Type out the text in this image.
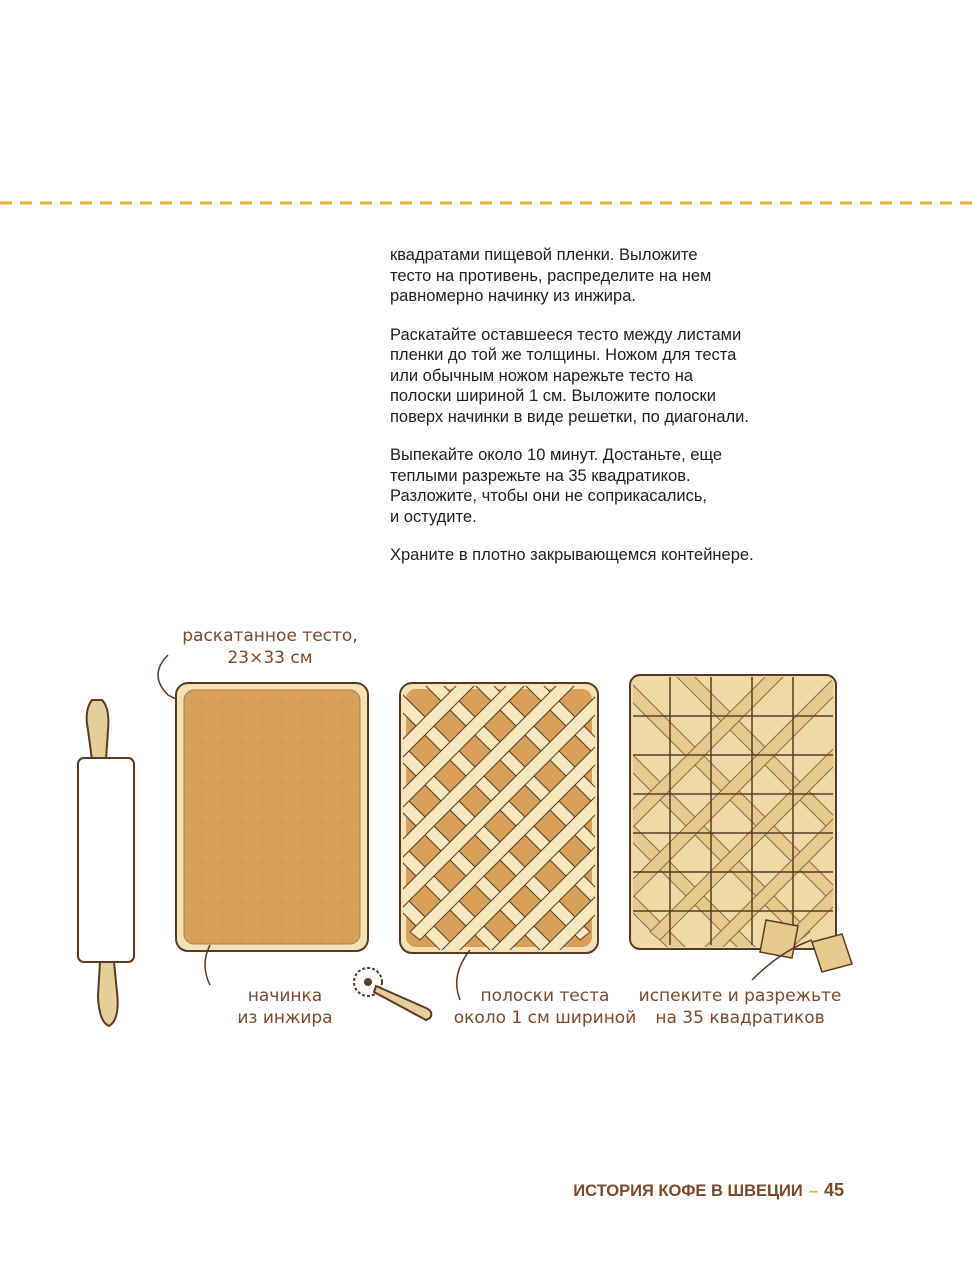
квадратами пищевой пленки. Выложите
тесто на противень, распределите на нем
равномерно начинку из инжира.

Раскатайте оставшееся тесто между листами
пленки до той же толщины. Ножом для теста
или обычным ножом нарежьте тесто на
полоски шириной 1 см. Выложите полоски
поверх начинки в виде решетки, по диагонали.

Выпекайте около 10 минут. Достаньте, еще
теплыми разрежьте на 35 квадратиков.
Разложите, чтобы они не соприкасались,
и остудите.

Храните в плотно закрывающемся контейнере.

раскатанное тесто,
23×33 см
начинка
из инжира
полоски теста
около 1 см шириной
испеките и разрежьте
на 35 квадратиков
ИСТОРИЯ КОФЕ В ШВЕЦИИ – 45
